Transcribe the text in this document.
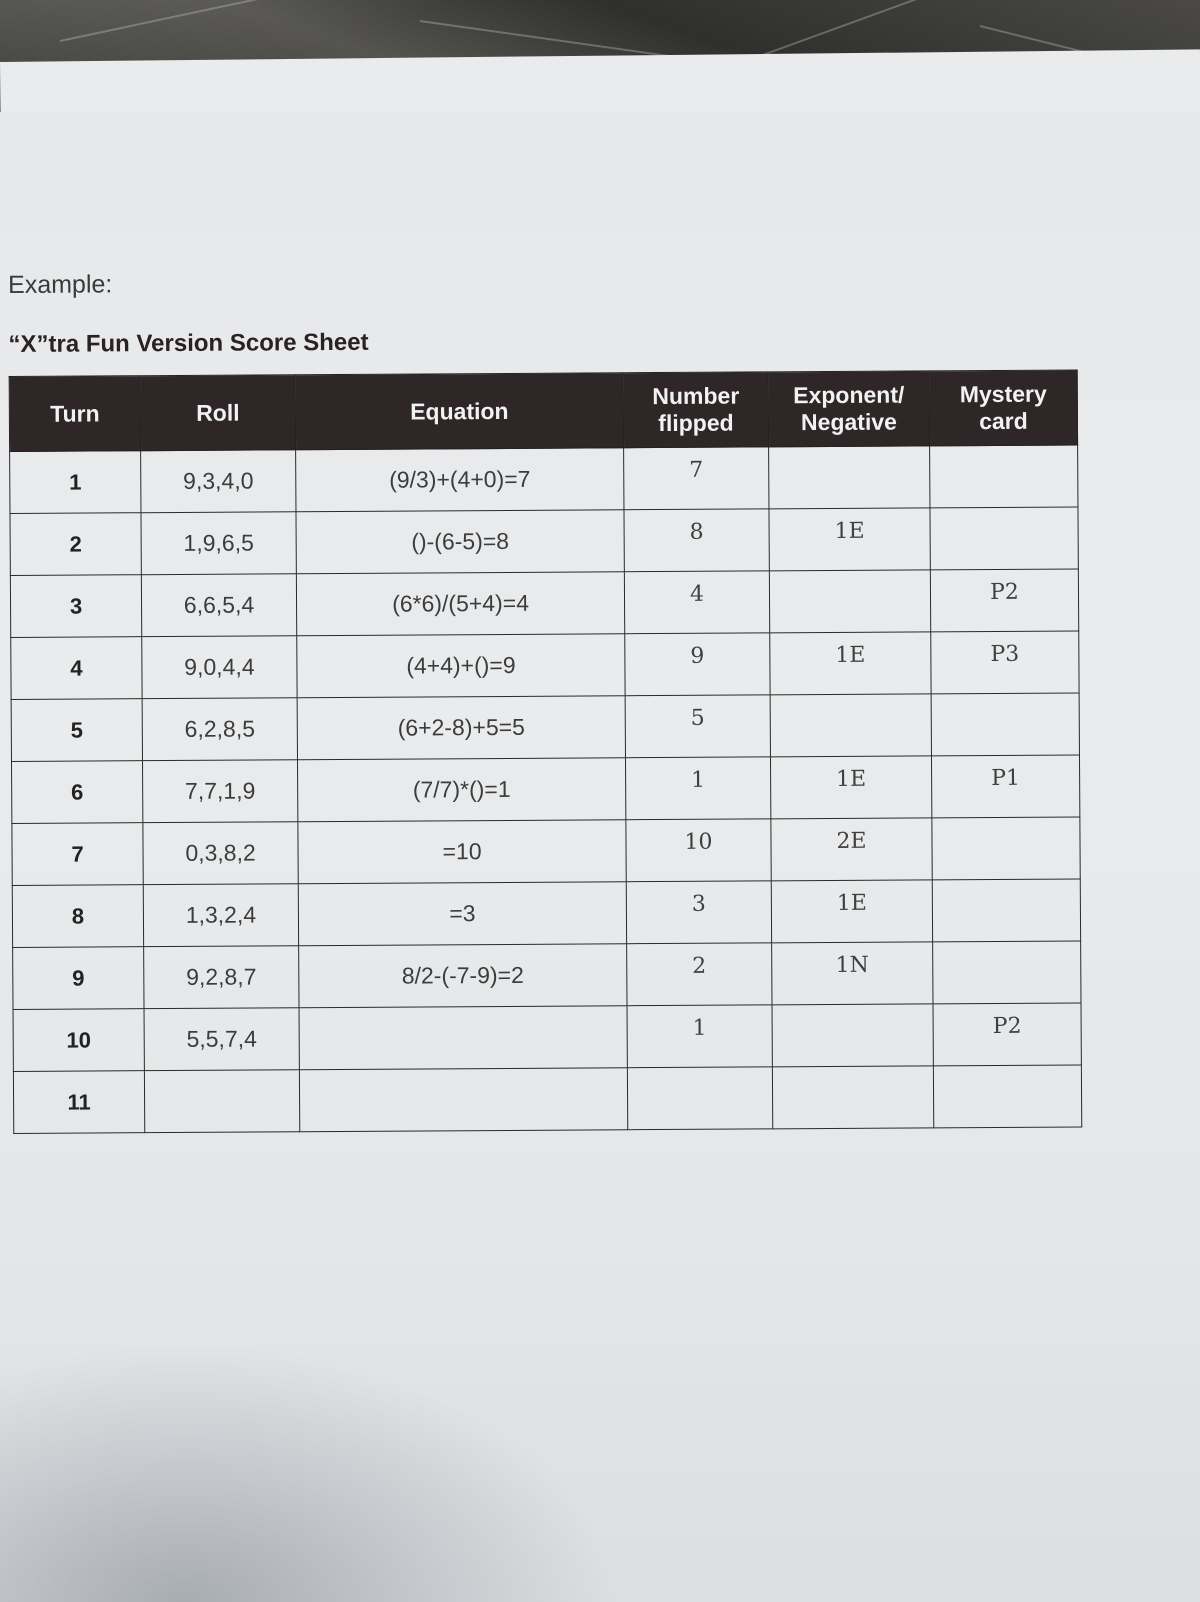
Example:
“X”tra Fun Version Score Sheet
Turn	Roll	Equation	Number flipped	Exponent/ Negative	Mystery card
1	9,3,4,0	(9/3)+(4+0)=7	7		
2	1,9,6,5	()-(6-5)=8	8	1E	
3	6,6,5,4	(6*6)/(5+4)=4	4		P2
4	9,0,4,4	(4+4)+()=9	9	1E	P3
5	6,2,8,5	(6+2-8)+5=5	5		
6	7,7,1,9	(7/7)*()=1	1	1E	P1
7	0,3,8,2	=10	10	2E	
8	1,3,2,4	=3	3	1E	
9	9,2,8,7	8/2-(-7-9)=2	2	1N	
10	5,5,7,4		1		P2
11					
